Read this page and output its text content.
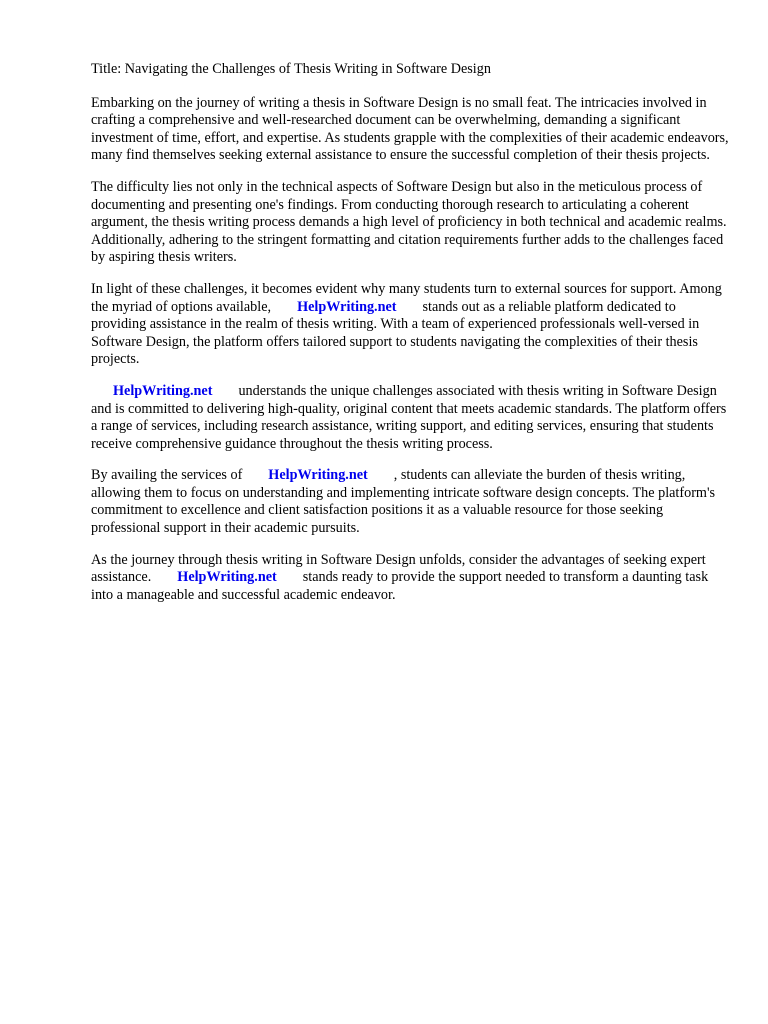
Title: Navigating the Challenges of Thesis Writing in Software Design

Embarking on the journey of writing a thesis in Software Design is no small feat. The intricacies involved in crafting a comprehensive and well-researched document can be overwhelming, demanding a significant investment of time, effort, and expertise. As students grapple with the complexities of their academic endeavors, many find themselves seeking external assistance to ensure the successful completion of their thesis projects.

The difficulty lies not only in the technical aspects of Software Design but also in the meticulous process of documenting and presenting one's findings. From conducting thorough research to articulating a coherent argument, the thesis writing process demands a high level of proficiency in both technical and academic realms. Additionally, adhering to the stringent formatting and citation requirements further adds to the challenges faced by aspiring thesis writers.

In light of these challenges, it becomes evident why many students turn to external sources for support. Among the myriad of options available, HelpWriting.net stands out as a reliable platform dedicated to providing assistance in the realm of thesis writing. With a team of experienced professionals well-versed in Software Design, the platform offers tailored support to students navigating the complexities of their thesis projects.

HelpWriting.net understands the unique challenges associated with thesis writing in Software Design and is committed to delivering high-quality, original content that meets academic standards. The platform offers a range of services, including research assistance, writing support, and editing services, ensuring that students receive comprehensive guidance throughout the thesis writing process.

By availing the services of HelpWriting.net , students can alleviate the burden of thesis writing, allowing them to focus on understanding and implementing intricate software design concepts. The platform's commitment to excellence and client satisfaction positions it as a valuable resource for those seeking professional support in their academic pursuits.

As the journey through thesis writing in Software Design unfolds, consider the advantages of seeking expert assistance. HelpWriting.net stands ready to provide the support needed to transform a daunting task into a manageable and successful academic endeavor.
